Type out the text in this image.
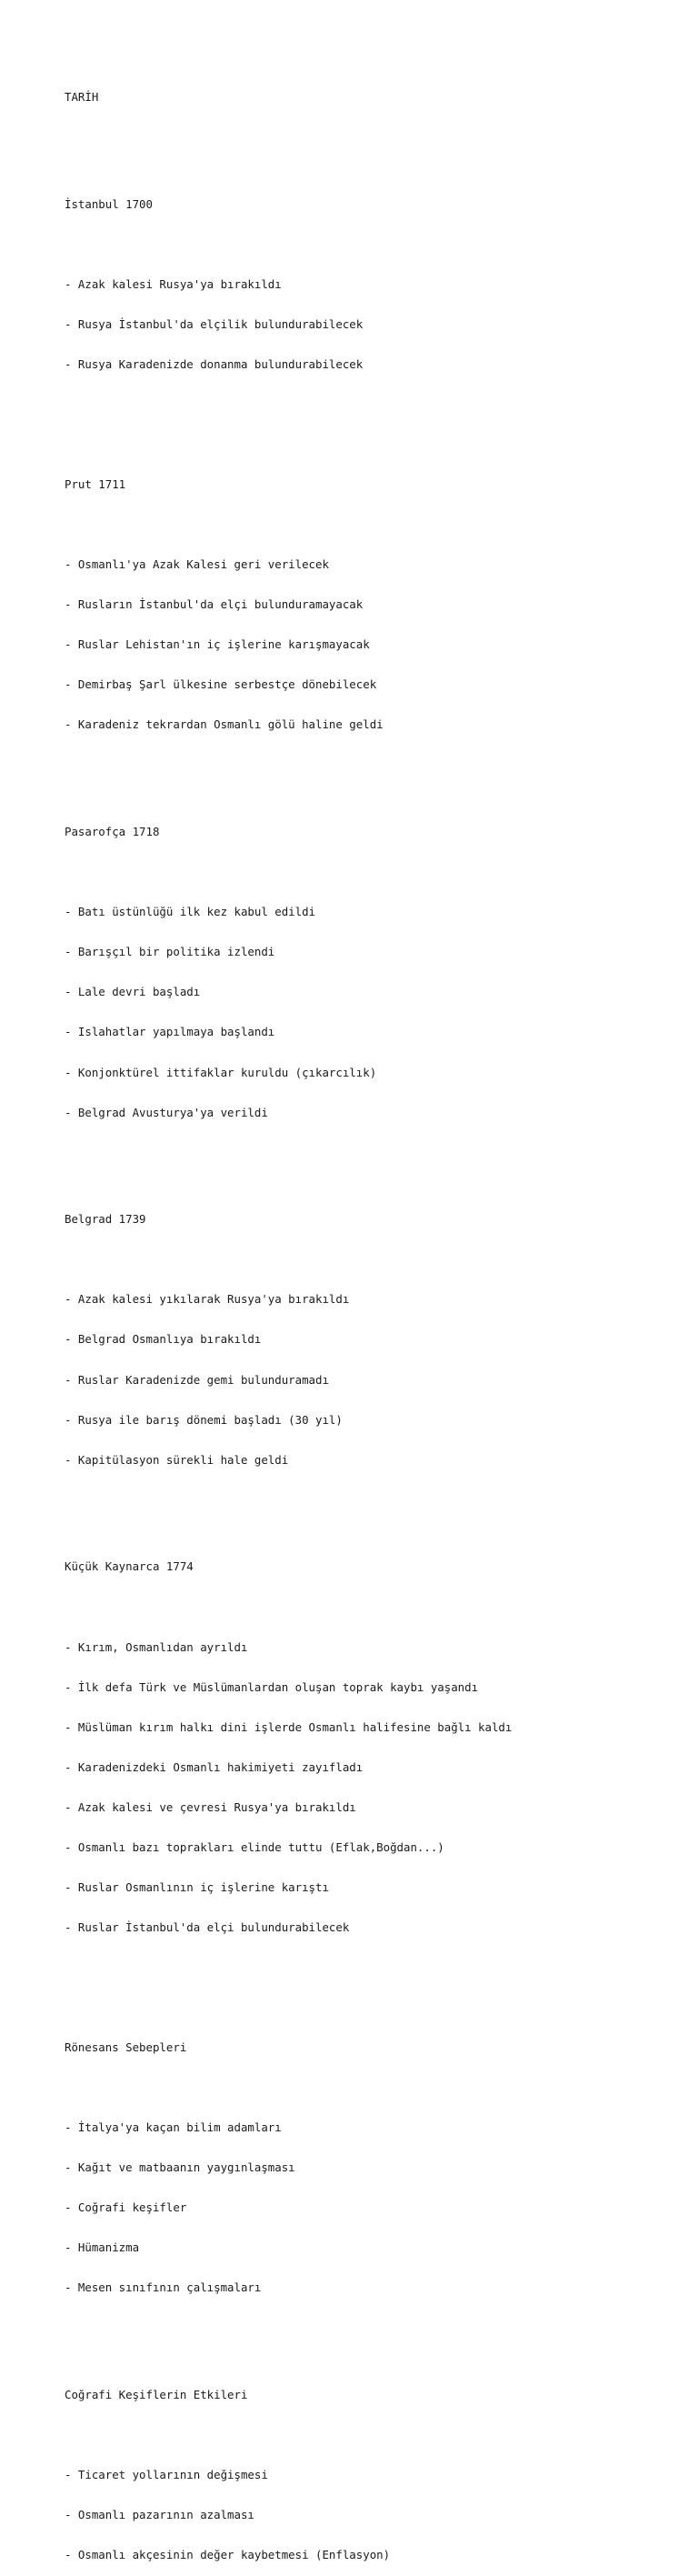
TARİH

İstanbul 1700

- Azak kalesi Rusya'ya bırakıldı

- Rusya İstanbul'da elçilik bulundurabilecek

- Rusya Karadenizde donanma bulundurabilecek

Prut 1711

- Osmanlı'ya Azak Kalesi geri verilecek

- Rusların İstanbul'da elçi bulunduramayacak

- Ruslar Lehistan'ın iç işlerine karışmayacak

- Demirbaş Şarl ülkesine serbestçe dönebilecek

- Karadeniz tekrardan Osmanlı gölü haline geldi

Pasarofça 1718

- Batı üstünlüğü ilk kez kabul edildi

- Barışçıl bir politika izlendi

- Lale devri başladı

- Islahatlar yapılmaya başlandı

- Konjonktürel ittifaklar kuruldu (çıkarcılık)

- Belgrad Avusturya'ya verildi

Belgrad 1739

- Azak kalesi yıkılarak Rusya'ya bırakıldı

- Belgrad Osmanlıya bırakıldı

- Ruslar Karadenizde gemi bulunduramadı

- Rusya ile barış dönemi başladı (30 yıl)

- Kapitülasyon sürekli hale geldi

Küçük Kaynarca 1774

- Kırım, Osmanlıdan ayrıldı

- İlk defa Türk ve Müslümanlardan oluşan toprak kaybı yaşandı

- Müslüman kırım halkı dini işlerde Osmanlı halifesine bağlı kaldı

- Karadenizdeki Osmanlı hakimiyeti zayıfladı

- Azak kalesi ve çevresi Rusya'ya bırakıldı

- Osmanlı bazı toprakları elinde tuttu (Eflak,Boğdan...)

- Ruslar Osmanlının iç işlerine karıştı

- Ruslar İstanbul'da elçi bulundurabilecek

Rönesans Sebepleri

- İtalya'ya kaçan bilim adamları

- Kağıt ve matbaanın yaygınlaşması

- Coğrafi keşifler

- Hümanizma

- Mesen sınıfının çalışmaları

Coğrafi Keşiflerin Etkileri

- Ticaret yollarının değişmesi

- Osmanlı pazarının azalması

- Osmanlı akçesinin değer kaybetmesi (Enflasyon)
